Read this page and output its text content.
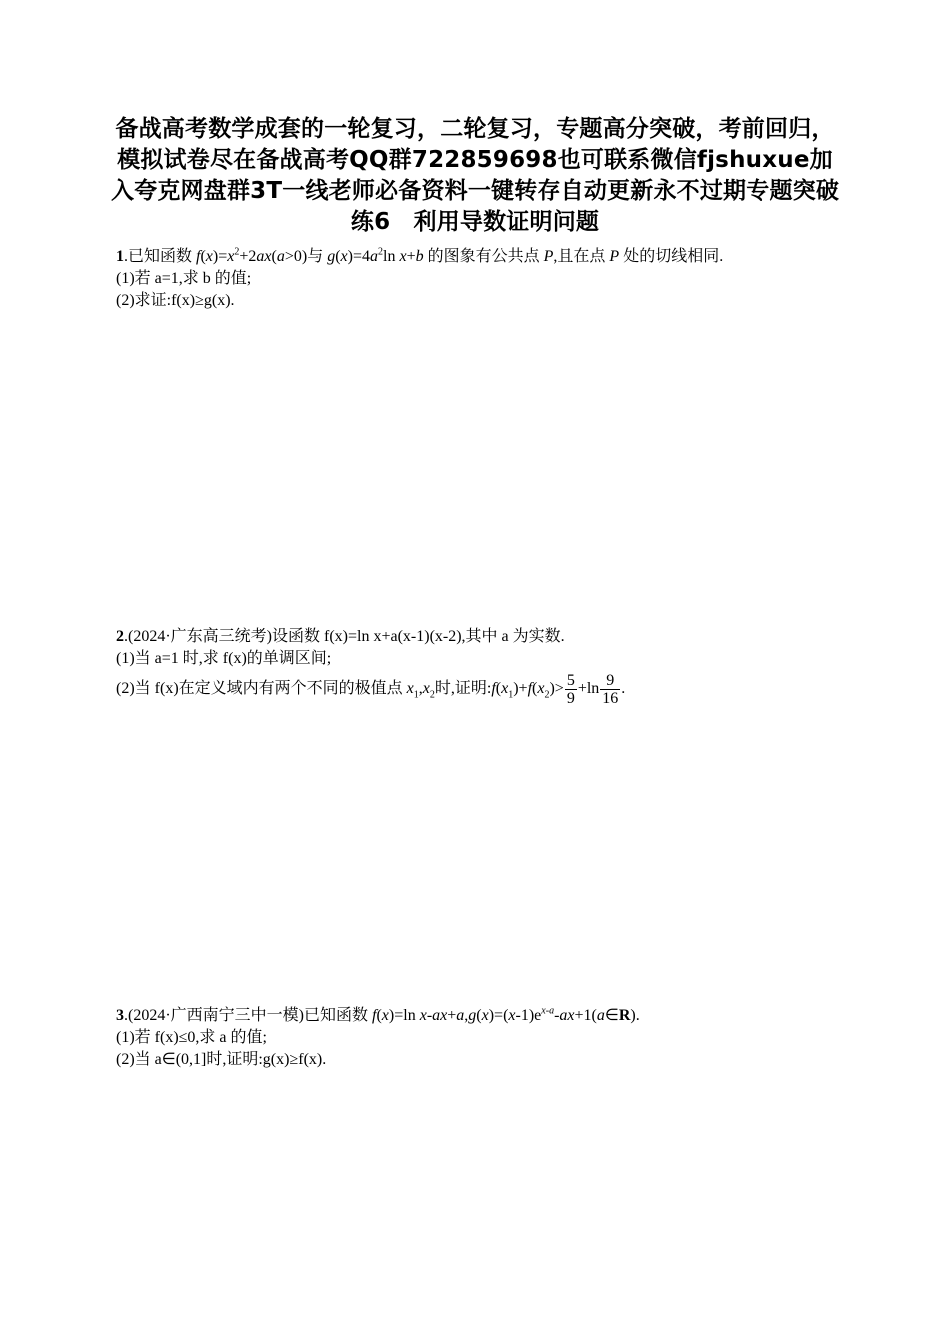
备战高考数学成套的一轮复习，二轮复习，专题高分突破，考前回归，模拟试卷尽在备战高考QQ群722859698也可联系微信fjshuxue加入夸克网盘群3T一线老师必备资料一键转存自动更新永不过期专题突破练6　利用导数证明问题

1.已知函数 $f(x)=x^2+2ax(a>0)$与 $g(x)=4a^2\ln$ x+b 的图象有公共点 P,且在点 P 处的切线相同.

(1)若 a=1,求 b 的值;

(2)求证:f(x)≥g(x).

2.(2024·广东高三统考)设函数 f(x)=ln x+a(x-1)(x-2),其中 a 为实数.

(1)当 a=1 时,求 f(x)的单调区间;

(2)当 f(x)在定义域内有两个不同的极值点 $x_1,x_2$时,证明$:f(x_1)+f(x_2)> \frac{5}{9} +\ln \frac{9}{16}$ .

3.(2024·广西南宁三中一模)已知函数 f(x)=ln $x-ax+a,g(x)=(x-1)e^{x-a}-ax+1(a\in R)$.

(1)若 f(x)≤0,求 a 的值;

(2)当 a∈(0,1]时,证明:g(x)≥f(x).
